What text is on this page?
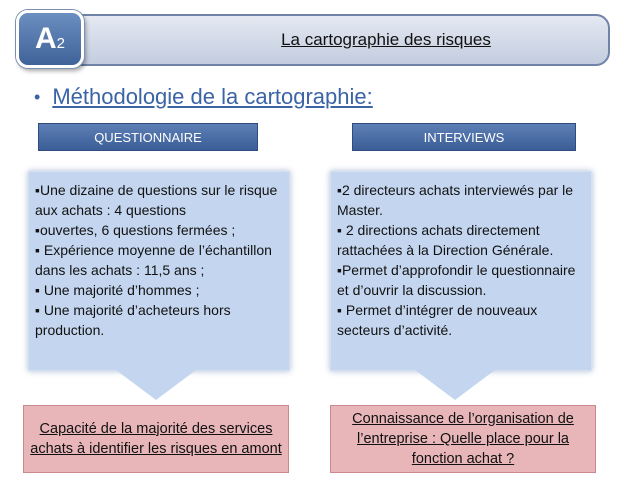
La cartographie des risques
A2
• Méthodologie de la cartographie:
QUESTIONNAIRE

▪Une dizaine de questions sur le risque aux achats : 4 questions

▪ouvertes, 6 questions fermées ;

▪ Expérience moyenne de l’échantillon dans les achats : 11,5 ans ;

▪ Une majorité d’hommes ;

▪ Une majorité d’acheteurs hors production.

Capacité de la majorité des services achats à identifier les risques en amont
INTERVIEWS

▪2 directeurs achats interviewés par le Master.

▪ 2 directions achats directement rattachées à la Direction Générale.

▪Permet d’approfondir le questionnaire et d’ouvrir la discussion.

▪ Permet d’intégrer de nouveaux secteurs d’activité.

Connaissance de l’organisation de l’entreprise : Quelle place pour la fonction achat ?
